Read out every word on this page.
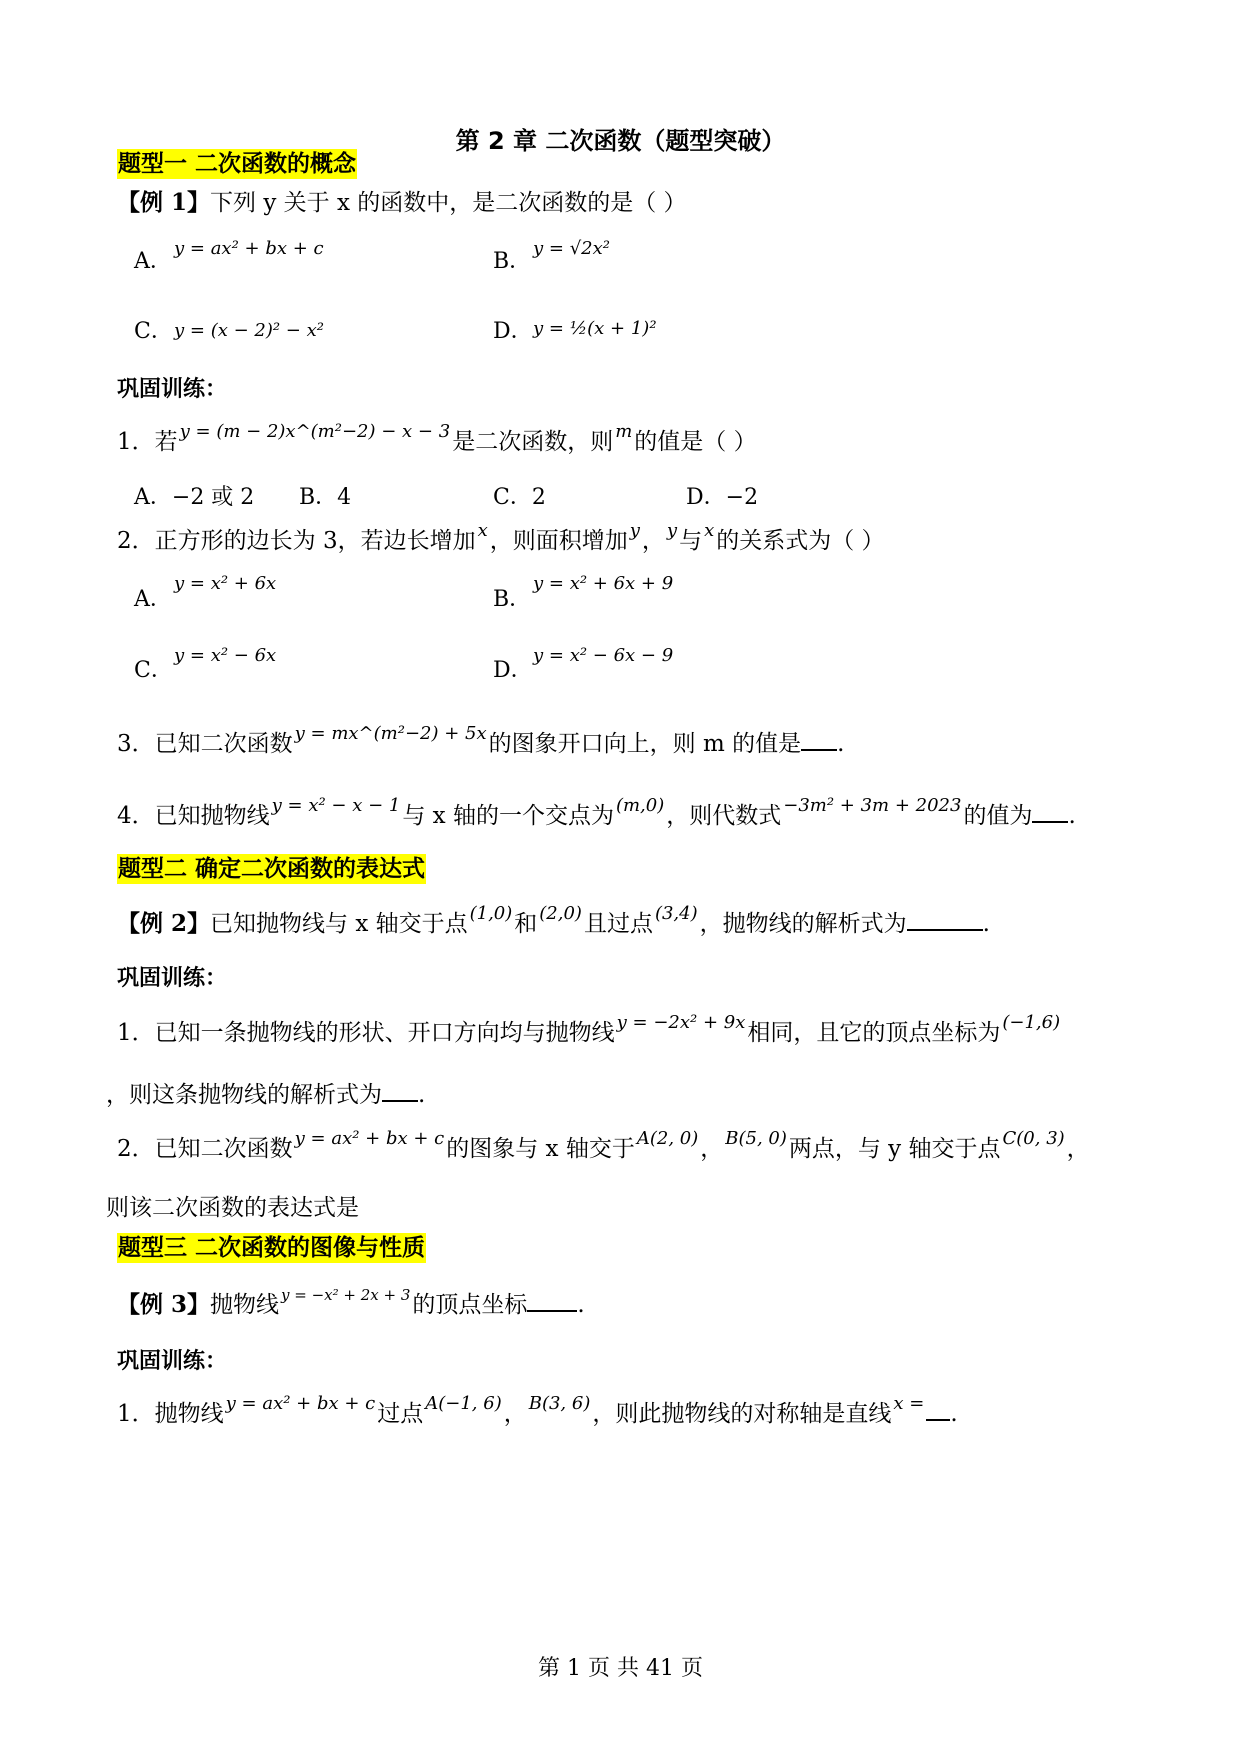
第 2 章 二次函数（题型突破）
题型一 二次函数的概念
【例 1】下列 y 关于 x 的函数中，是二次函数的是（ ）
A．
y = ax² + bx + c
B．
y = √2x²
C． y = (x − 2)² − x²	D． y = ½(x + 1)²
巩固训练：
1．若 $^{y = (m - 2)x\^{}(m^2-2) - x - 3}$是二次函数，则 $^m$的值是（ ）
A．−2 或 2 B．4	C．2	D．−2
2．正方形的边长为 3，若边长增加 $^x$，则面积增加 $^y$， $^y$与 $^x$的关系式为（ ）
A．
y = x² + 6x
B．
y = x² + 6x + 9
C．
y = x² − 6x
D．
y = x² − 6x − 9
3．已知二次函数 $^{y = mx\^{}(m^2-2) + 5x}$的图象开口向上，则 m 的值是 .
4．已知抛物线 $^{y = x^2 - x - 1}$与 x 轴的一个交点为 $^{(m,0)}$，则代数式 $^{-3m^2 + 3m + 2023}$的值为 .
题型二 确定二次函数的表达式
【例 2】已知抛物线与 x 轴交于点 $^{(1,0)}$和 $^{(2,0)}$且过点 $^{(3,4)}$，抛物线的解析式为	.
巩固训练：
1．已知一条抛物线的形状、开口方向均与抛物线 $^{y = -2x^2 + 9x}$相同，且它的顶点坐标为 $^{(-1,6)}$
，则这条抛物线的解析式为 .
2．已知二次函数 $^{y = ax^2 + bx + c}$的图象与 x 轴交于 $^{A(2, 0)}$， $^{B(5, 0)}$两点，与 y 轴交于点 $^{C(0, 3)}$，
则该二次函数的表达式是
题型三 二次函数的图像与性质
【例 3】抛物线 $^{y = -x^2 + 2x + 3}$的顶点坐标 .
巩固训练：
1．抛物线 $^{y = ax^2 + bx + c}$过点 $^{A(-1, 6)}$， $^{B(3, 6)}$，则此抛物线的对称轴是直线 $^{x =}$ .
第 1 页 共 41 页
